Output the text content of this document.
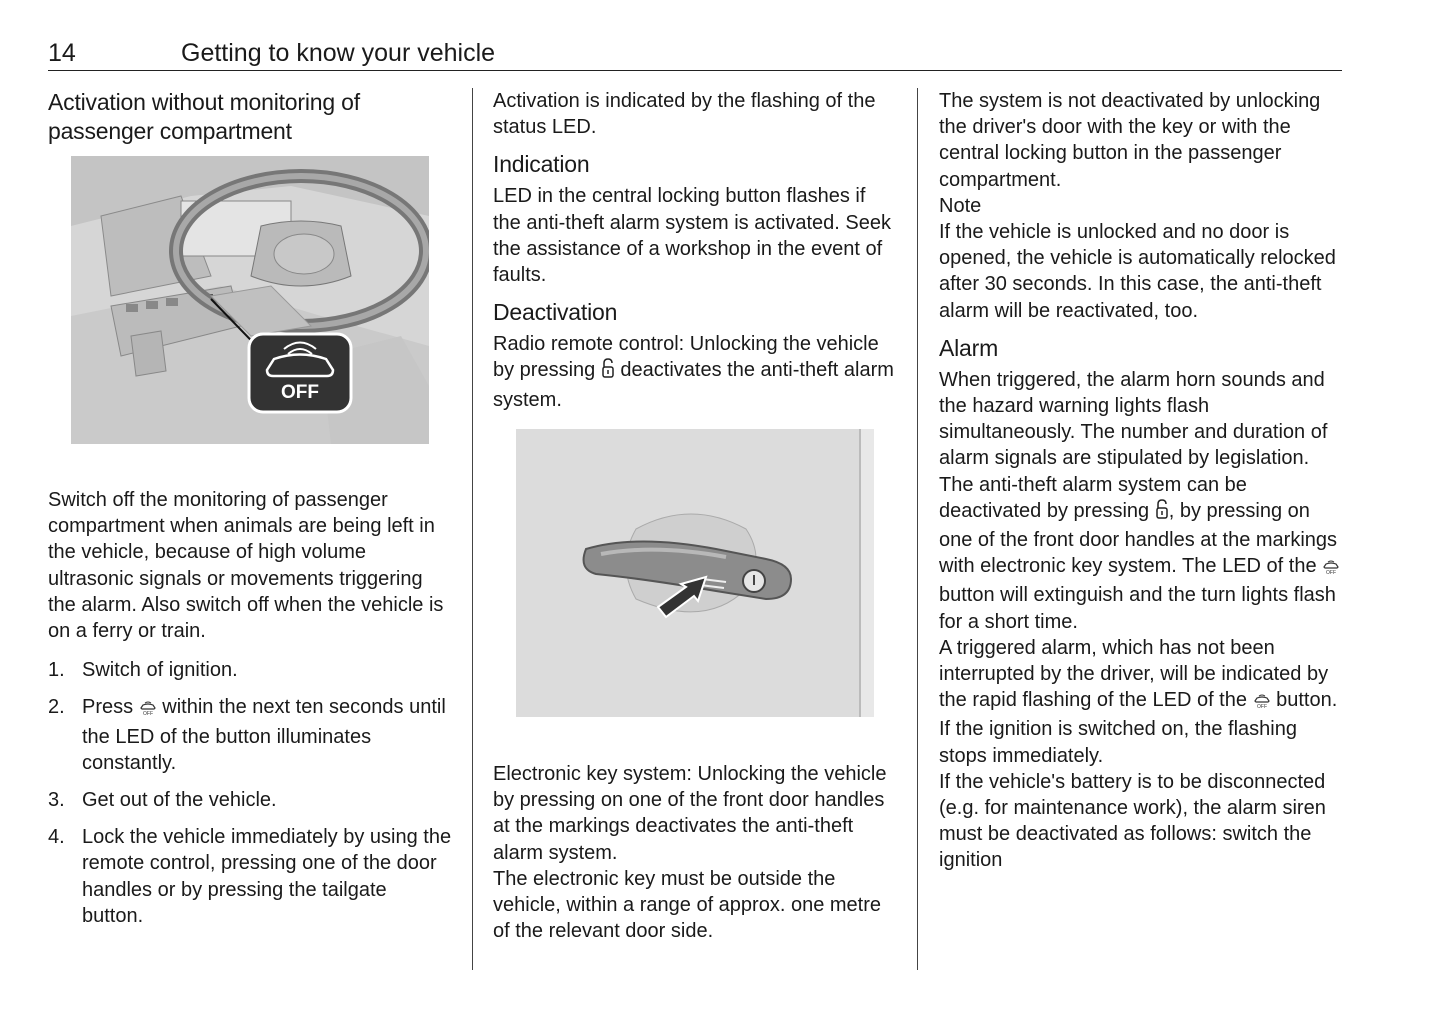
14	Getting to know your vehicle
Activation without monitoring of passenger compartment
OFF

Switch off the monitoring of passenger compartment when animals are being left in the vehicle, because of high volume ultrasonic signals or movements triggering the alarm. Also switch off when the vehicle is on a ferry or train.

1. Switch of ignition.
2. Press OFF within the next ten seconds until the LED of the button illuminates constantly.
3. Get out of the vehicle.
4. Lock the vehicle immediately by using the remote control, pressing one of the door handles or by pressing the tailgate button.

Activation is indicated by the flashing of the status LED.

Indication

LED in the central locking button flashes if the anti-theft alarm system is activated. Seek the assistance of a workshop in the event of faults.

Deactivation

Radio remote control: Unlocking the vehicle by pressing deactivates the anti-theft alarm system.

Electronic key system: Unlocking the vehicle by pressing on one of the front door handles at the markings deactivates the anti-theft alarm system.

The electronic key must be outside the vehicle, within a range of approx. one metre of the relevant door side.

The system is not deactivated by unlocking the driver's door with the key or with the central locking button in the passenger compartment.

Note

If the vehicle is unlocked and no door is opened, the vehicle is automatically relocked after 30 seconds. In this case, the anti-theft alarm will be reactivated, too.

Alarm

When triggered, the alarm horn sounds and the hazard warning lights flash simultaneously. The number and duration of alarm signals are stipulated by legislation.

The anti-theft alarm system can be deactivated by pressing , by pressing on one of the front door handles at the markings with electronic key system. The LED of the OFF
button will extinguish and the turn lights flash for a short time.

A triggered alarm, which has not been interrupted by the driver, will be indicated by the rapid flashing of the LED of the OFF button. If the ignition is switched on, the flashing stops immediately.

If the vehicle's battery is to be disconnected (e.g. for maintenance work), the alarm siren must be deactivated as follows: switch the ignition
